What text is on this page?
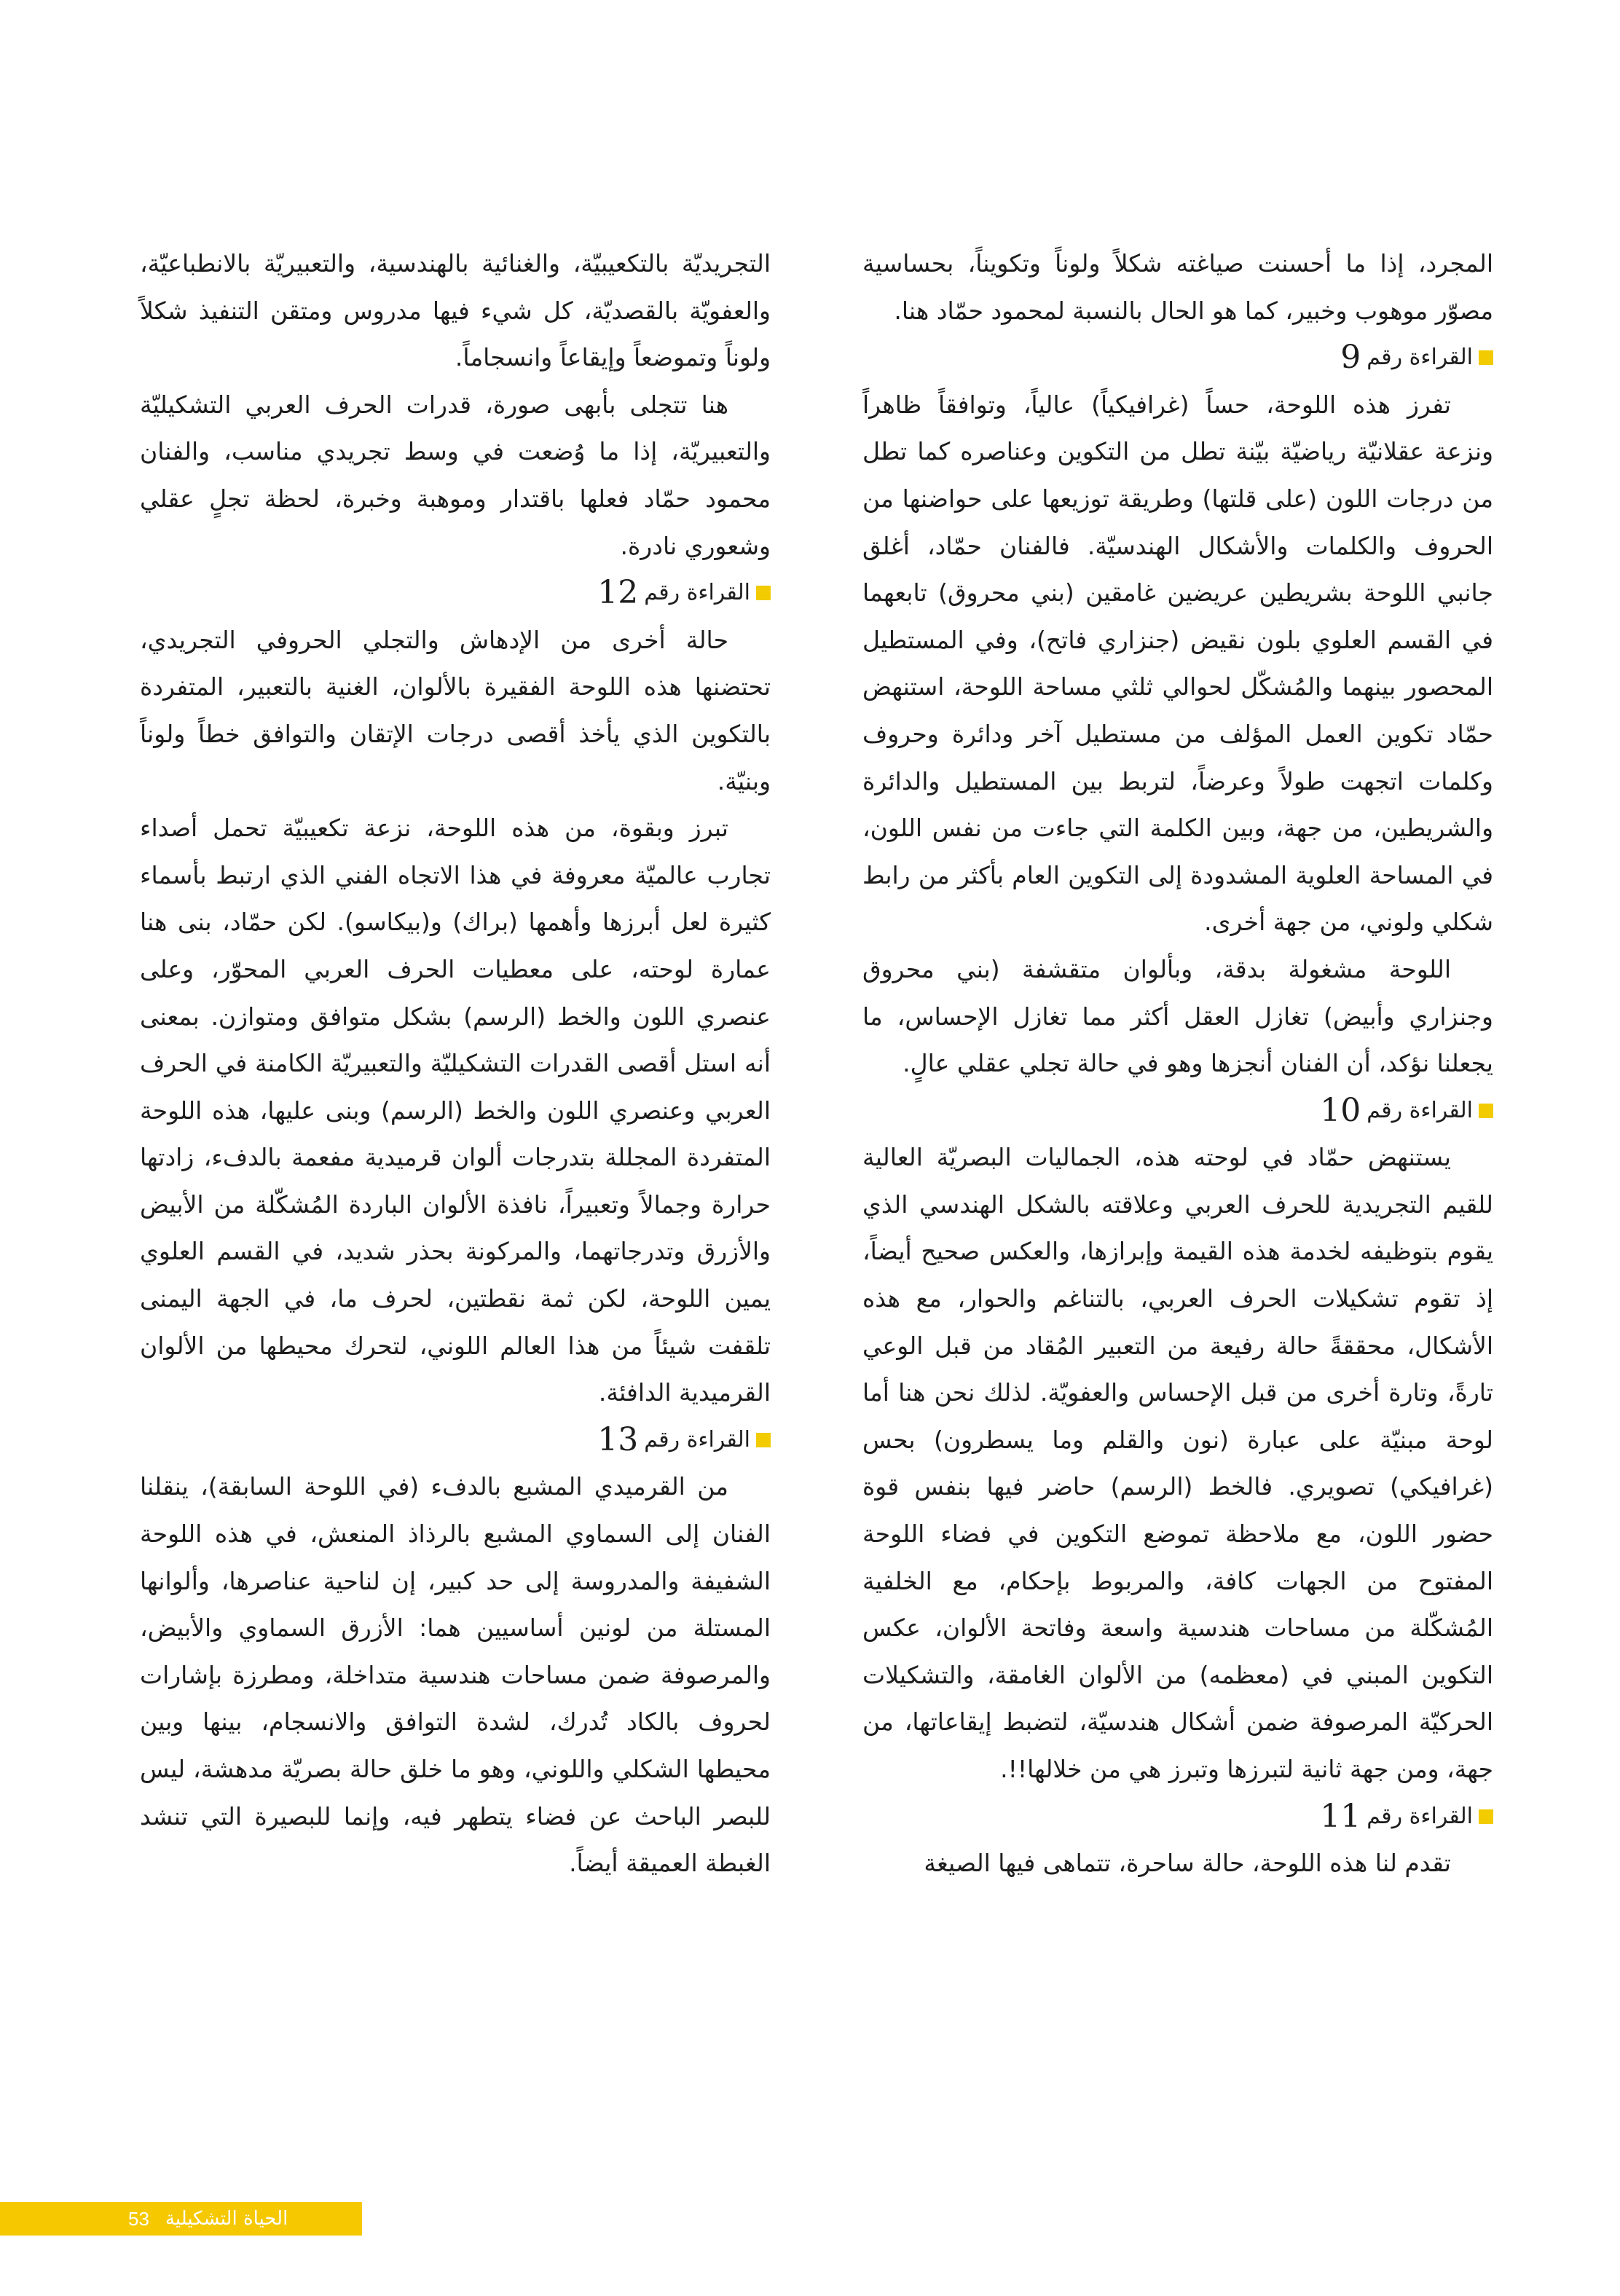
المجرد، إذا ما أحسنت صياغته شكلاً ولوناً وتكويناً، بحساسية مصوّر موهوب وخبير، كما هو الحال بالنسبة لمحمود حمّاد هنا.

القراءة رقم
9

تفرز هذه اللوحة، حساً (غرافيكياً) عالياً، وتوافقاً ظاهراً ونزعة عقلانيّة رياضيّة بيّنة تطل من التكوين وعناصره كما تطل من درجات اللون (على قلتها) وطريقة توزيعها على حواضنها من الحروف والكلمات والأشكال الهندسيّة. فالفنان حمّاد، أغلق جانبي اللوحة بشريطين عريضين غامقين (بني محروق) تابعهما في القسم العلوي بلون نقيض (جنزاري فاتح)، وفي المستطيل المحصور بينهما والمُشكّل لحوالي ثلثي مساحة اللوحة، استنهض حمّاد تكوين العمل المؤلف من مستطيل آخر ودائرة وحروف وكلمات اتجهت طولاً وعرضاً، لتربط بين المستطيل والدائرة والشريطين، من جهة، وبين الكلمة التي جاءت من نفس اللون، في المساحة العلوية المشدودة إلى التكوين العام بأكثر من رابط شكلي ولوني، من جهة أخرى.

اللوحة مشغولة بدقة، وبألوان متقشفة (بني محروق وجنزاري وأبيض) تغازل العقل أكثر مما تغازل الإحساس، ما يجعلنا نؤكد، أن الفنان أنجزها وهو في حالة تجلي عقلي عالٍ.

القراءة رقم
10

يستنهض حمّاد في لوحته هذه، الجماليات البصريّة العالية للقيم التجريدية للحرف العربي وعلاقته بالشكل الهندسي الذي يقوم بتوظيفه لخدمة هذه القيمة وإبرازها، والعكس صحيح أيضاً، إذ تقوم تشكيلات الحرف العربي، بالتناغم والحوار، مع هذه الأشكال، محققةً حالة رفيعة من التعبير المُقاد من قبل الوعي تارةً، وتارة أخرى من قبل الإحساس والعفويّة. لذلك نحن هنا أما لوحة مبنيّة على عبارة (نون والقلم وما يسطرون) بحس (غرافيكي) تصويري. فالخط (الرسم) حاضر فيها بنفس قوة حضور اللون، مع ملاحظة تموضع التكوين في فضاء اللوحة المفتوح من الجهات كافة، والمربوط بإحكام، مع الخلفية المُشكّلة من مساحات هندسية واسعة وفاتحة الألوان، عكس التكوين المبني في (معظمه) من الألوان الغامقة، والتشكيلات الحركيّة المرصوفة ضمن أشكال هندسيّة، لتضبط إيقاعاتها، من جهة، ومن جهة ثانية لتبرزها وتبرز هي من خلالها!!.

القراءة رقم
11

تقدم لنا هذه اللوحة، حالة ساحرة، تتماهى فيها الصيغة

التجريديّة بالتكعيبيّة، والغنائية بالهندسية، والتعبيريّة بالانطباعيّة، والعفويّة بالقصديّة، كل شيء فيها مدروس ومتقن التنفيذ شكلاً ولوناً وتموضعاً وإيقاعاً وانسجاماً.

هنا تتجلى بأبهى صورة، قدرات الحرف العربي التشكيليّة والتعبيريّة، إذا ما وُضعت في وسط تجريدي مناسب، والفنان محمود حمّاد فعلها باقتدار وموهبة وخبرة، لحظة تجلٍ عقلي وشعوري نادرة.

القراءة رقم
12

حالة أخرى من الإدهاش والتجلي الحروفي التجريدي، تحتضنها هذه اللوحة الفقيرة بالألوان، الغنية بالتعبير، المتفردة بالتكوين الذي يأخذ أقصى درجات الإتقان والتوافق خطاً ولوناً وبنيّة.

تبرز وبقوة، من هذه اللوحة، نزعة تكعيبيّة تحمل أصداء تجارب عالميّة معروفة في هذا الاتجاه الفني الذي ارتبط بأسماء كثيرة لعل أبرزها وأهمها (براك) و(بيكاسو). لكن حمّاد، بنى هنا عمارة لوحته، على معطيات الحرف العربي المحوّر، وعلى عنصري اللون والخط (الرسم) بشكل متوافق ومتوازن. بمعنى أنه استل أقصى القدرات التشكيليّة والتعبيريّة الكامنة في الحرف العربي وعنصري اللون والخط (الرسم) وبنى عليها، هذه اللوحة المتفردة المجللة بتدرجات ألوان قرميدية مفعمة بالدفء، زادتها حرارة وجمالاً وتعبيراً، نافذة الألوان الباردة المُشكّلة من الأبيض والأزرق وتدرجاتهما، والمركونة بحذر شديد، في القسم العلوي يمين اللوحة، لكن ثمة نقطتين، لحرف ما، في الجهة اليمنى تلقفت شيئاً من هذا العالم اللوني، لتحرك محيطها من الألوان القرميدية الدافئة.

القراءة رقم
13

من القرميدي المشبع بالدفء (في اللوحة السابقة)، ينقلنا الفنان إلى السماوي المشبع بالرذاذ المنعش، في هذه اللوحة الشفيفة والمدروسة إلى حد كبير، إن لناحية عناصرها، وألوانها المستلة من لونين أساسيين هما: الأزرق السماوي والأبيض، والمرصوفة ضمن مساحات هندسية متداخلة، ومطرزة بإشارات لحروف بالكاد تُدرك، لشدة التوافق والانسجام، بينها وبين محيطها الشكلي واللوني، وهو ما خلق حالة بصريّة مدهشة، ليس للبصر الباحث عن فضاء يتطهر فيه، وإنما للبصيرة التي تنشد الغبطة العميقة أيضاً.

53 الحياة التشكيلية
